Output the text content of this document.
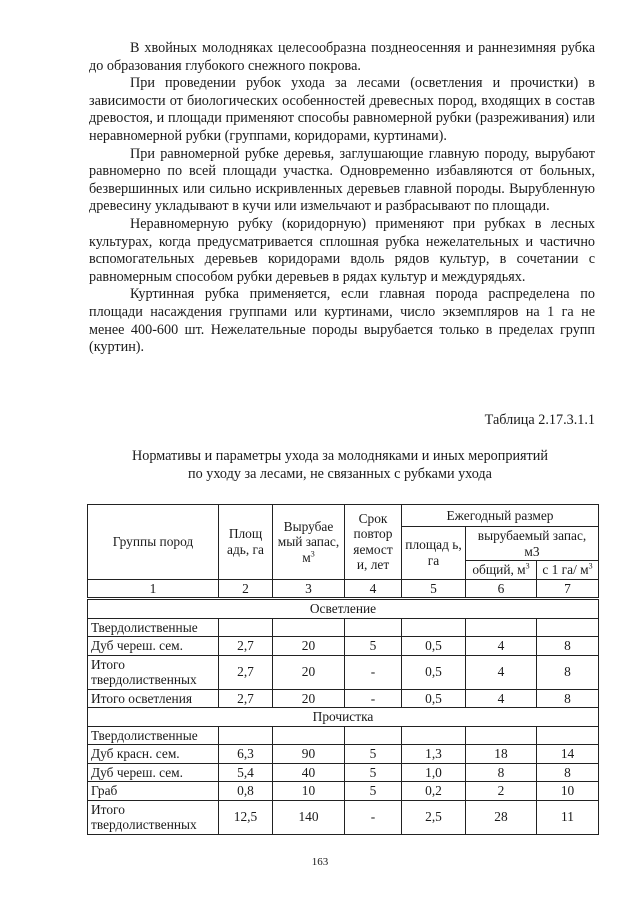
В хвойных молодняках целесообразна позднеосенняя и раннезимняя рубка до образования глубокого снежного покрова.

При проведении рубок ухода за лесами (осветления и прочистки) в зависимости от биологических особенностей древесных пород, входящих в состав древостоя, и площади применяют способы равномерной рубки (разреживания) или неравномерной рубки (группами, коридорами, куртинами).

При равномерной рубке деревья, заглушающие главную породу, вырубают равномерно по всей площади участка. Одновременно избавляются от больных, безвершинных или сильно искривленных деревьев главной породы. Вырубленную древесину укладывают в кучи или измельчают и разбрасывают по площади.

Неравномерную рубку (коридорную) применяют при рубках в лесных культурах, когда предусматривается сплошная рубка нежелательных и частично вспомогательных деревьев коридорами вдоль рядов культур, в сочетании с равномерным способом рубки деревьев в рядах культур и междурядьях.

Куртинная рубка применяется, если главная порода распределена по площади насаждения группами или куртинами, число экземпляров на 1 га не менее 400-600 шт. Нежелательные породы вырубается только в пределах групп (куртин).

Таблица 2.17.3.1.1
Нормативы и параметры ухода за молодняками и иных мероприятий
по уходу за лесами, не связанных с рубками ухода
Группы пород	Площ адь, га	Вырубае мый запас, $м^3$	Срок повтор яемост и, лет	Ежегодный размер		
				площад ь, га	вырубаемый запас, м3	
					общий, $м^3$	с 1 га/ $м^3$
1	2	3	4	5	6	7
Осветление						
Твердолиственные						
Дуб череш. сем.	2,7	20	5	0,5	4	8
Итого твердолиственных	2,7	20	-	0,5	4	8
Итого осветления	2,7	20	-	0,5	4	8
Прочистка						
Твердолиственные						
Дуб красн. сем.	6,3	90	5	1,3	18	14
Дуб череш. сем.	5,4	40	5	1,0	8	8
Граб	0,8	10	5	0,2	2	10
Итого твердолиственных	12,5	140	-	2,5	28	11
163
